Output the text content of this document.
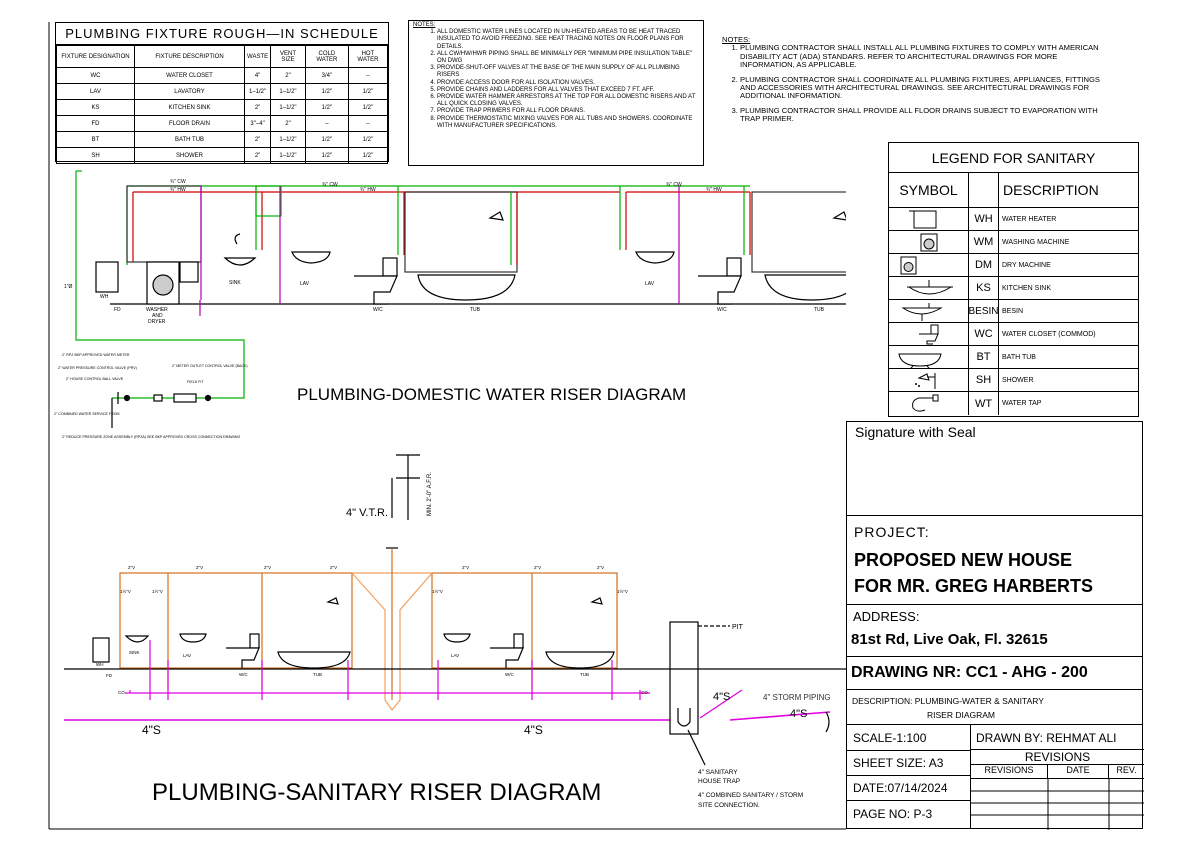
PLUMBING FIXTURE ROUGH—IN SCHEDULE
FIXTURE DESIGNATION	FIXTURE DESCRIPTION	WASTE	VENT SIZE	COLD WATER	HOT WATER
WC	WATER CLOSET	4"	2"	3/4"	–
LAV	LAVATORY	1–1/2"	1–1/2"	1/2"	1/2"
KS	KITCHEN SINK	2"	1–1/2"	1/2"	1/2"
FD	FLOOR DRAIN	3"–4"	2"	–	–
BT	BATH TUB	2"	1–1/2"	1/2"	1/2"
SH	SHOWER	2"	1–1/2"	1/2"	1/2"
NOTES:
1. ALL DOMESTIC WATER LINES LOCATED IN UN-HEATED AREAS TO BE HEAT TRACED INSULATED TO AVOID FREEZING. SEE HEAT TRACING NOTES ON FLOOR PLANS FOR DETAILS.
2. ALL CW/HW/HWR PIPING SHALL BE MINIMALLY PER "MINIMUM PIPE INSULATION TABLE" ON DWG
3. PROVIDE-SHUT-OFF VALVES AT THE BASE OF THE MAIN SUPPLY OF ALL PLUMBING RISERS
4. PROVIDE ACCESS DOOR FOR ALL ISOLATION VALVES.
5. PROVIDE CHAINS AND LADDERS FOR ALL VALVES THAT EXCEED 7 FT. AFF.
6. PROVIDE WATER HAMMER ARRESTORS AT THE TOP FOR ALL DOMESTIC RISERS AND AT ALL QUICK CLOSING VALVES.
7. PROVIDE TRAP PRIMERS FOR ALL FLOOR DRAINS.
8. PROVIDE THERMOSTATIC MIXING VALVES FOR ALL TUBS AND SHOWERS. COORDINATE WITH MANUFACTURER SPECIFICATIONS.
NOTES:
1. PLUMBING CONTRACTOR SHALL INSTALL ALL PLUMBING FIXTURES TO COMPLY WITH AMERICAN DISABILITY ACT (ADA) STANDARS. REFER TO ARCHITECTURAL DRAWINGS FOR MORE INFORMATION, AS APPLICABLE.
2. PLUMBING CONTRACTOR SHALL COORDINATE ALL PLUMBING FIXTURES, APPLIANCES, FITTINGS AND ACCESSORIES WITH ARCHITECTURAL DRAWINGS. SEE ARCHITECTURAL DRAWINGS FOR ADDITIONAL INFORMATION.
3. PLUMBING CONTRACTOR SHALL PROVIDE ALL FLOOR DRAINS SUBJECT TO EVAPORATION WITH TRAP PRIMER.
LEGEND FOR SANITARY
SYMBOL	DESCRIPTION
WH	WATER HEATER
WM	WASHING MACHINE
DM	DRY MACHINE
KS	KITCHEN SINK
BESIN BESIN
WC	WATER CLOSET (COMMOD)
BT	BATH TUB
SH	SHOWER
WT	WATER TAP
Signature with Seal
PROJECT:
PROPOSED NEW HOUSE
FOR MR. GREG HARBERTS
ADDRESS:
81st Rd, Live Oak, Fl. 32615
DRAWING NR: CC1 - AHG - 200
DESCRIPTION: PLUMBING-WATER & SANITARY
RISER DIAGRAM
SCALE-1:100	DRAWN BY: REHMAT ALI
SHEET SIZE: A3
DATE:07/14/2024
PAGE NO: P-3
REVISIONS
REVISIONS	DATE	REV.
¾" CW
¾" HW
¾" CW
¾" HW
¾" CW
¾" HW
1"Ø
WH
FD	WASHER AND DRYER
SINK	LAV
W/C	TUB
LAV
W/C	TUB
2" RPZ BKP APPROVED WATER METER
2" WATER PRESSURE CONTROL VALVE (PRV)
2" HOUSE CONTROL BALL VALVE
2" COMBINED WATER SERVICE FROM
2" REDUCE PRESSURE ZONE ASSEMBLY (RPZA) SEE BKP APPROVED CROSS CONNECTION DRAWING
2" METER OUTLET CONTROL VALVE (BACK)
FIELD FIT
PLUMBING-DOMESTIC WATER RISER DIAGRAM
4" V.T.R.	MIN. 2'-0" A.F.R.
PIT
4"S	4"S
4"S
4"S
4" STORM PIPING
4" SANITARY
HOUSE TRAP
4" COMBINED SANITARY / STORM
SITE CONNECTION.
2"V	2"V	2"V	2"V	2"V	2"V	2"V
1½"V	1½"V	1½"V	1½"V
WH
FD
CO	CO
SINK
LAV
W/C	TUB
LAV
W/C	TUB
PLUMBING-SANITARY RISER DIAGRAM
